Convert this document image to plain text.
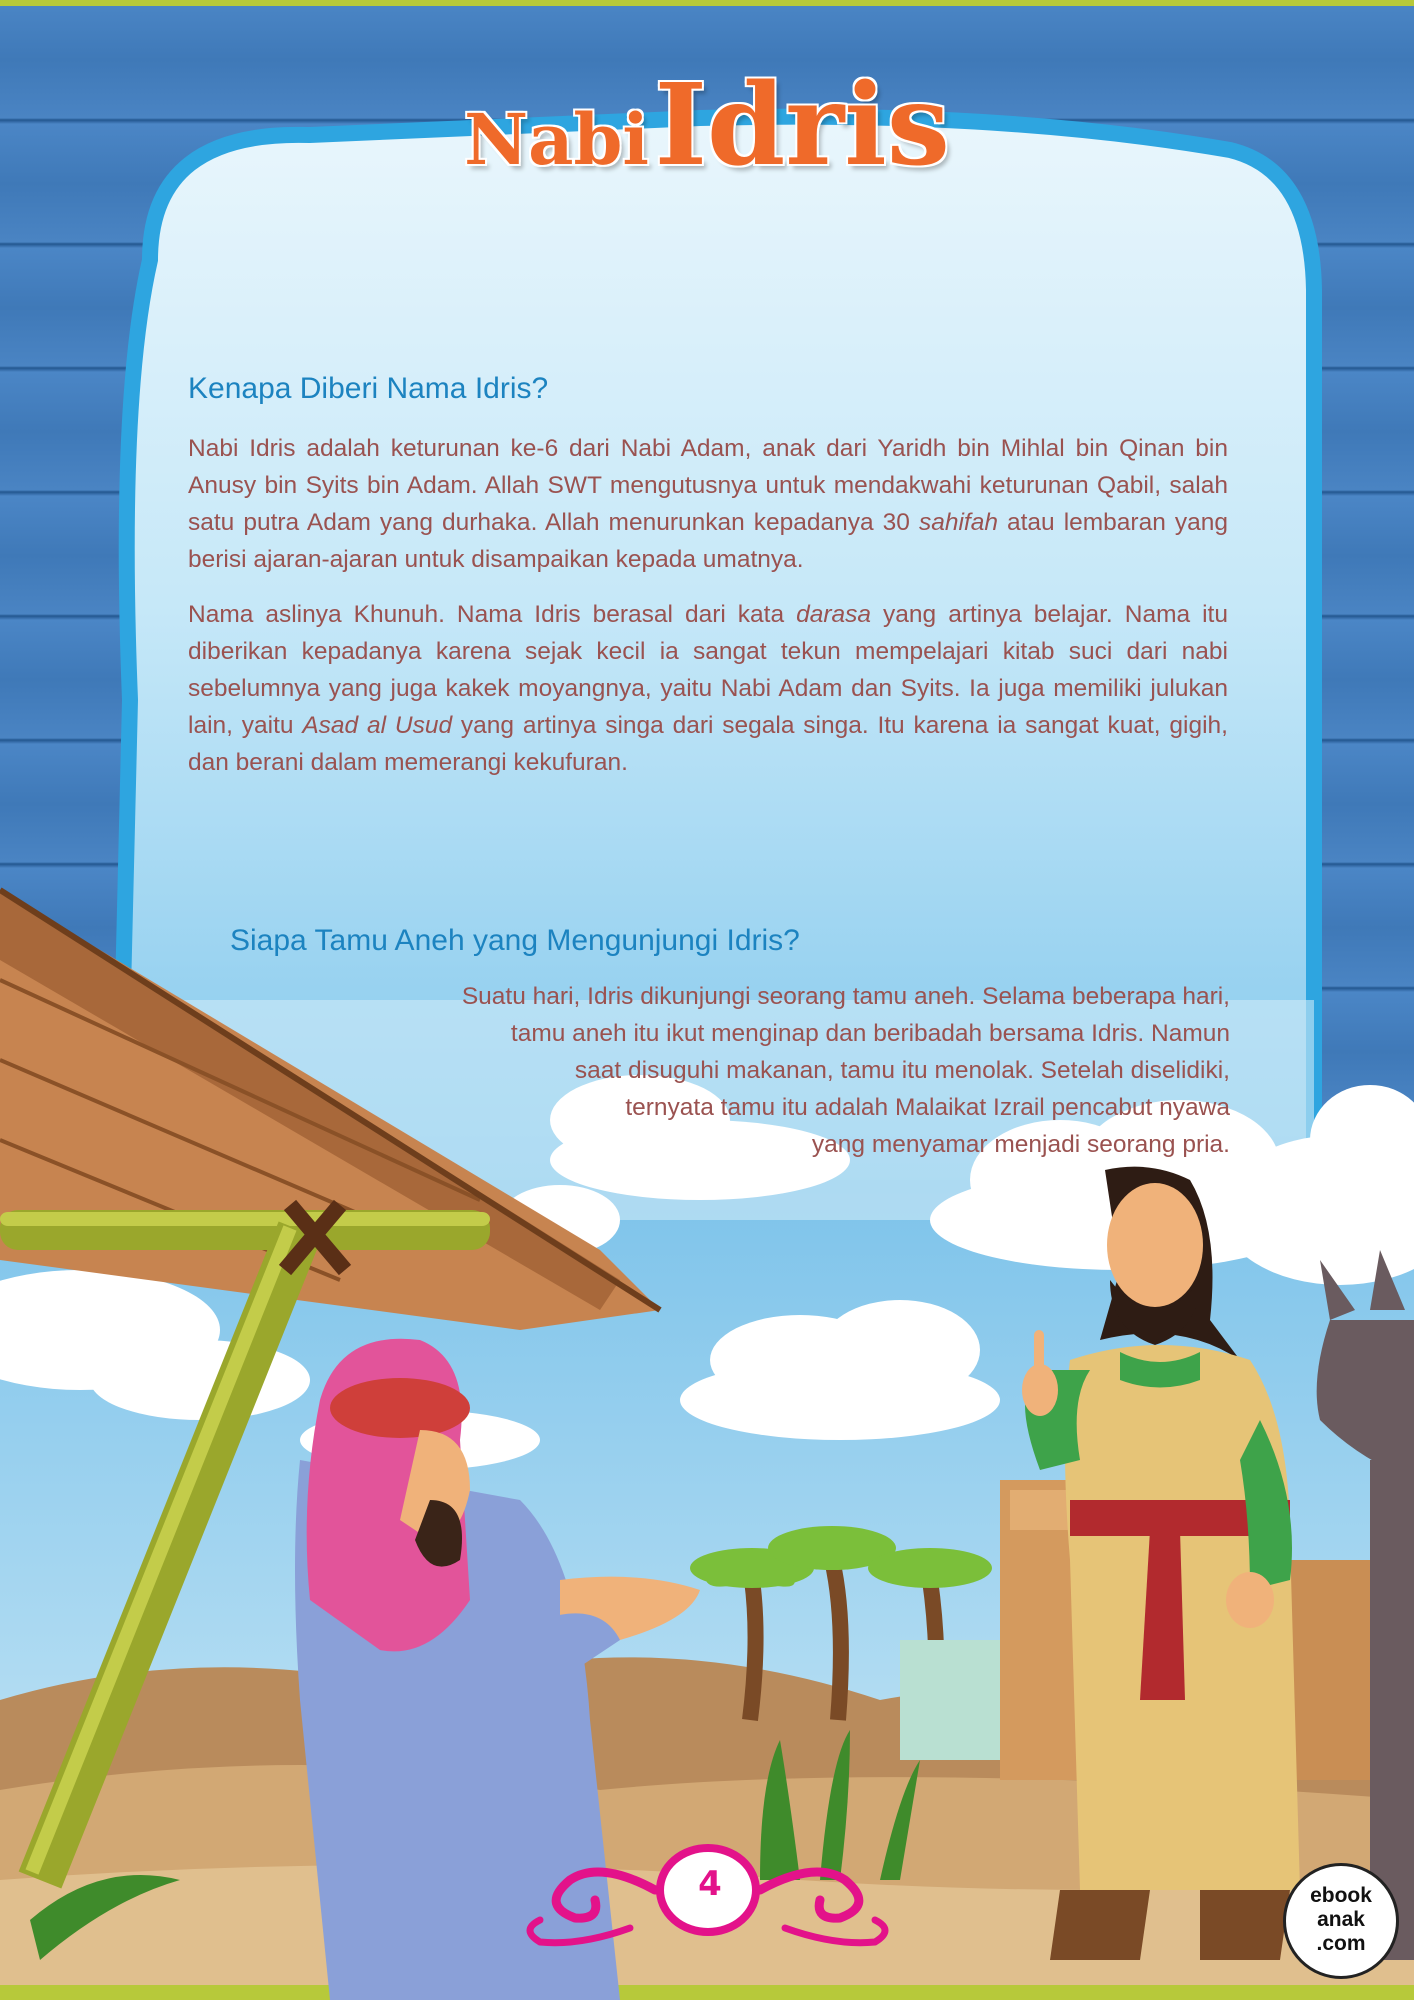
Nabi Idris
Kenapa Diberi Nama Idris?

Nabi Idris adalah keturunan ke-6 dari Nabi Adam, anak dari Yaridh bin Mihlal bin Qinan bin Anusy bin Syits bin Adam. Allah SWT mengutusnya untuk mendakwahi keturunan Qabil, salah satu putra Adam yang durhaka. Allah menurunkan kepadanya 30 sahifah atau lembaran yang berisi ajaran-ajaran untuk disampaikan kepada umatnya.

Nama aslinya Khunuh. Nama Idris berasal dari kata darasa yang artinya belajar. Nama itu diberikan kepadanya karena sejak kecil ia sangat tekun mempelajari kitab suci dari nabi sebelumnya yang juga kakek moyangnya, yaitu Nabi Adam dan Syits. Ia juga memiliki julukan lain, yaitu Asad al Usud yang artinya singa dari segala singa. Itu karena ia sangat kuat, gigih, dan berani dalam memerangi kekufuran.

Siapa Tamu Aneh yang Mengunjungi Idris?
Suatu hari, Idris dikunjungi seorang tamu aneh. Selama beberapa hari,
tamu aneh itu ikut menginap dan beribadah bersama Idris. Namun
saat disuguhi makanan, tamu itu menolak. Setelah diselidiki,
ternyata tamu itu adalah Malaikat Izrail pencabut nyawa
yang menyamar menjadi seorang pria.
4	ebook
anak
.com
